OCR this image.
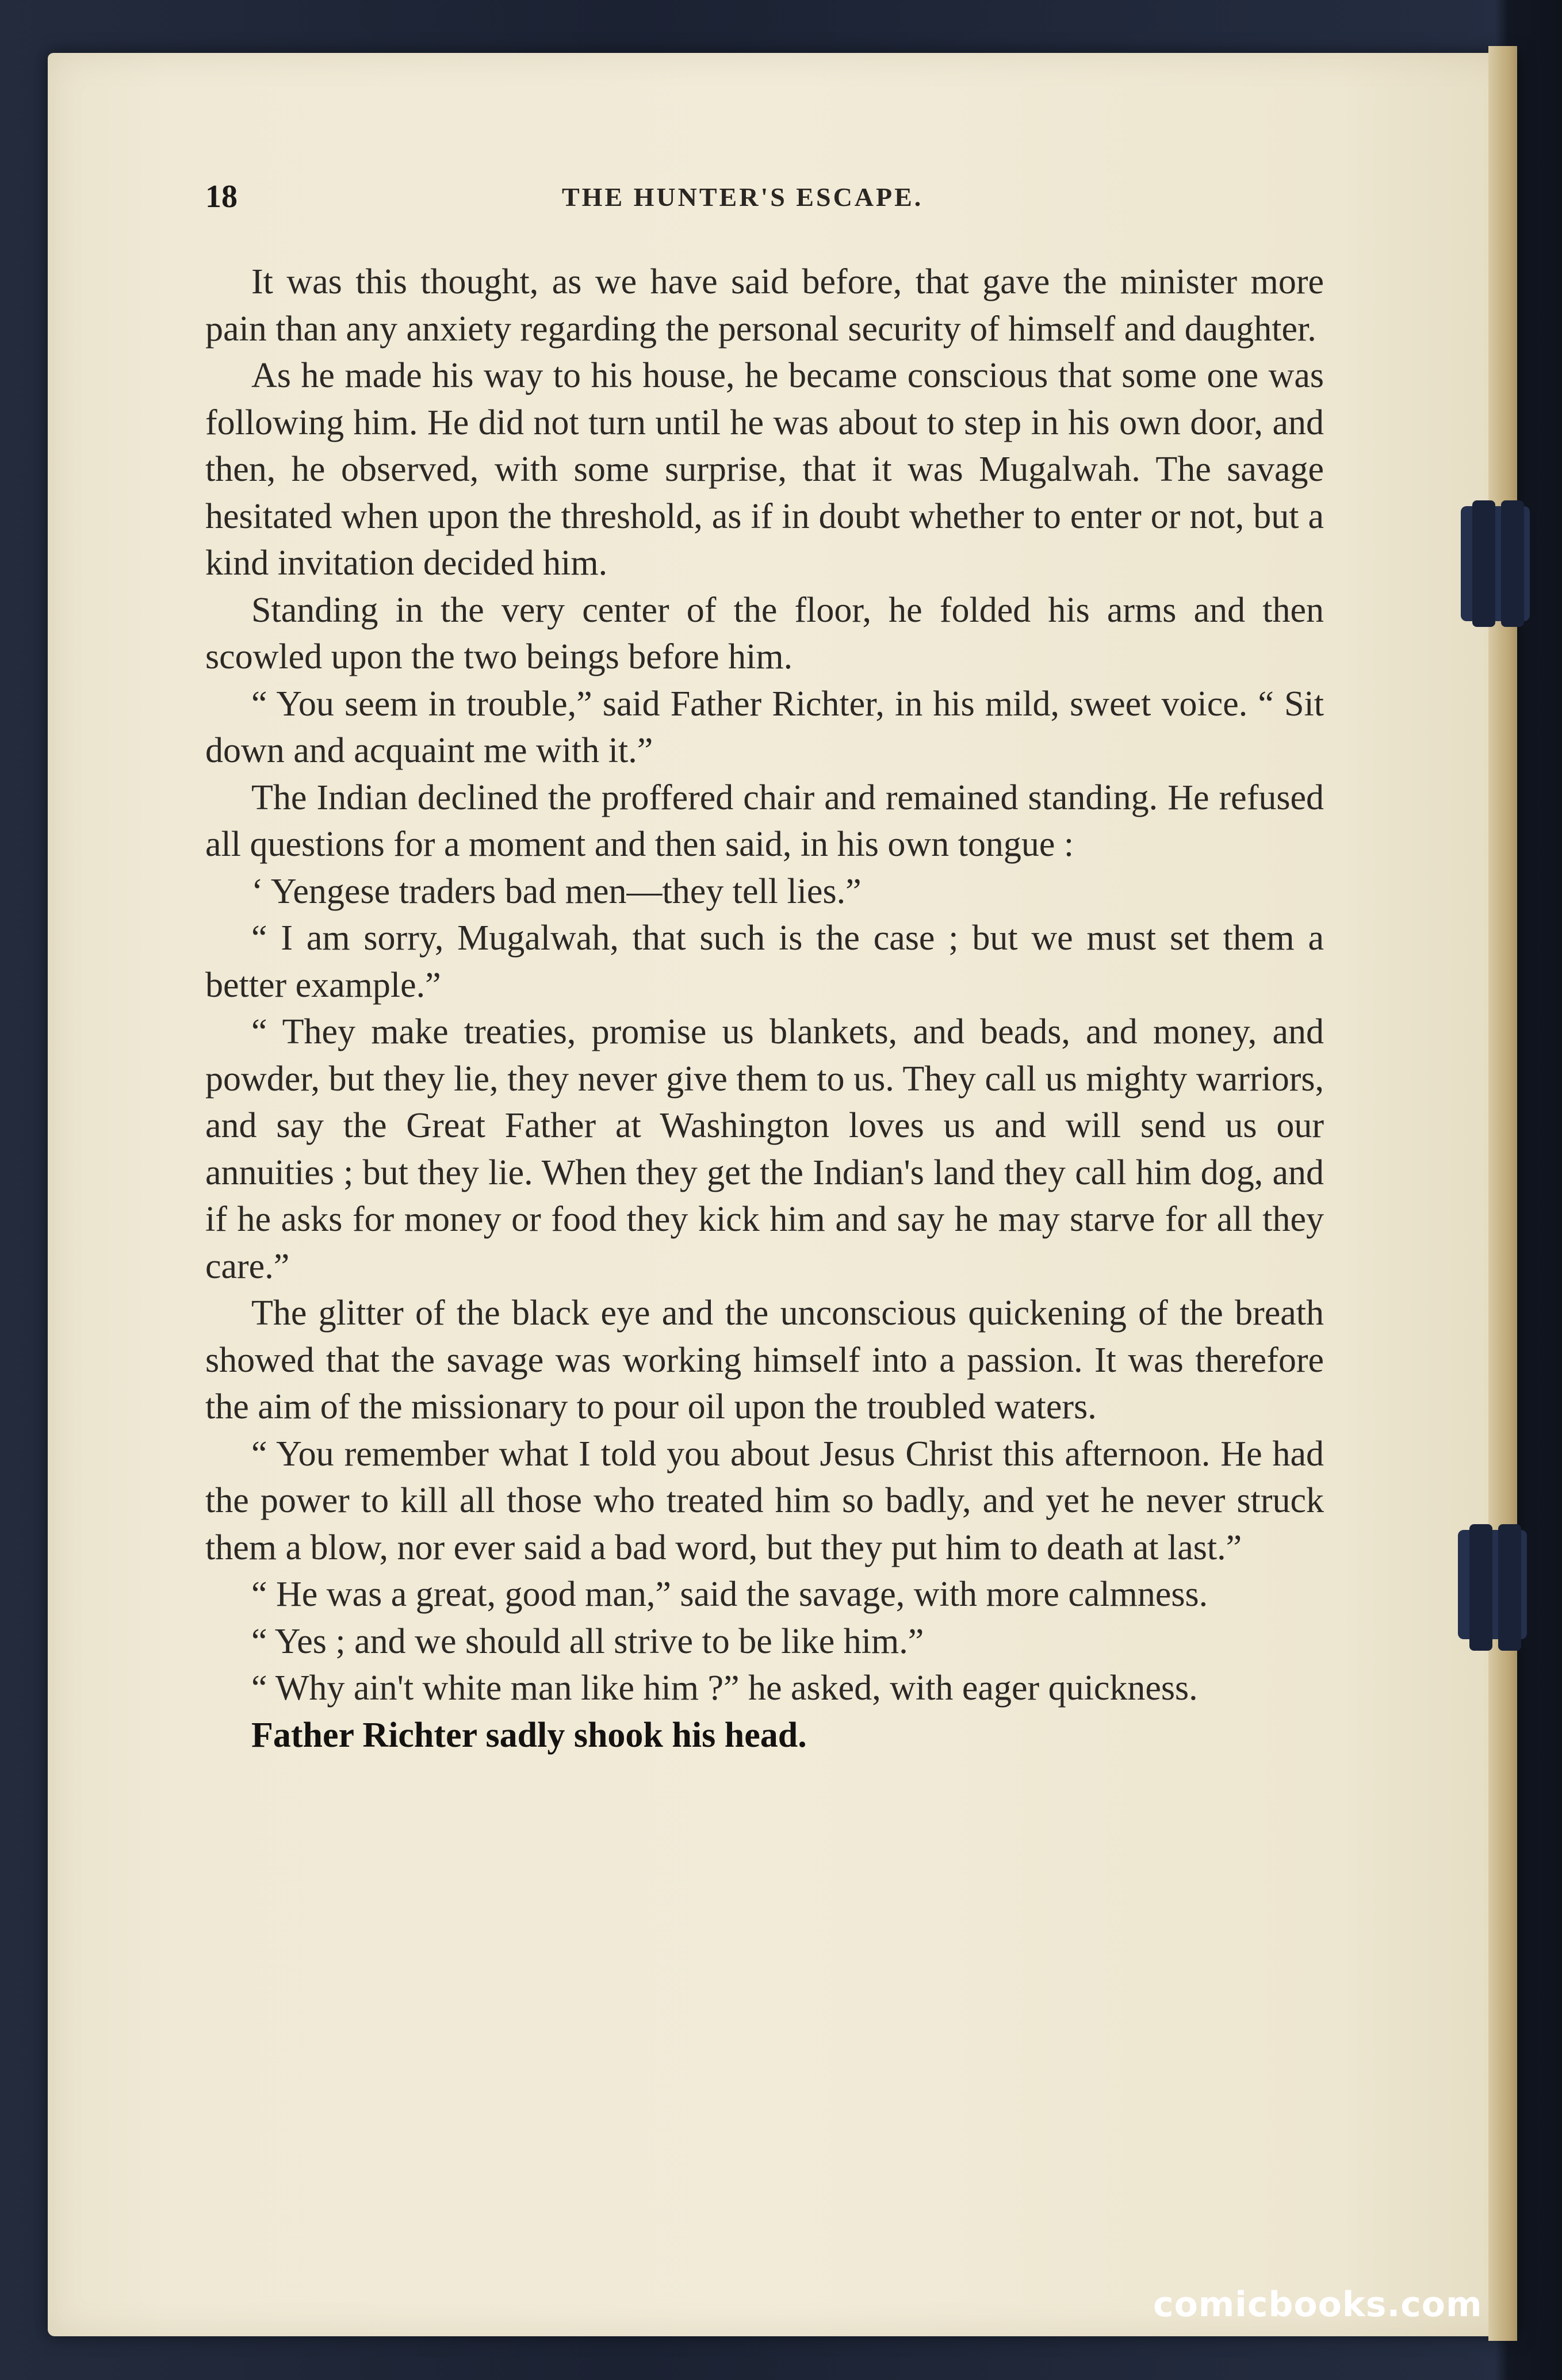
18	THE HUNTER'S ESCAPE.

It was this thought, as we have said before, that gave the minister more pain than any anxiety regarding the personal security of himself and daughter.

As he made his way to his house, he became conscious that some one was following him. He did not turn until he was about to step in his own door, and then, he observed, with some surprise, that it was Mugalwah. The savage hesitated when upon the threshold, as if in doubt whether to enter or not, but a kind invitation decided him.

Standing in the very center of the floor, he folded his arms and then scowled upon the two beings before him.

“ You seem in trouble,” said Father Richter, in his mild, sweet voice. “ Sit down and acquaint me with it.”

The Indian declined the proffered chair and remained standing. He refused all questions for a moment and then said, in his own tongue :

‘ Yengese traders bad men—they tell lies.”

“ I am sorry, Mugalwah, that such is the case ; but we must set them a better example.”

“ They make treaties, promise us blankets, and beads, and money, and powder, but they lie, they never give them to us. They call us mighty warriors, and say the Great Father at Washington loves us and will send us our annuities ; but they lie. When they get the Indian's land they call him dog, and if he asks for money or food they kick him and say he may starve for all they care.”

The glitter of the black eye and the unconscious quickening of the breath showed that the savage was working himself into a passion. It was therefore the aim of the missionary to pour oil upon the troubled waters.

“ You remember what I told you about Jesus Christ this afternoon. He had the power to kill all those who treated him so badly, and yet he never struck them a blow, nor ever said a bad word, but they put him to death at last.”

“ He was a great, good man,” said the savage, with more calmness.

“ Yes ; and we should all strive to be like him.”

“ Why ain't white man like him ?” he asked, with eager quickness.

Father Richter sadly shook his head.

comicbooks.com
